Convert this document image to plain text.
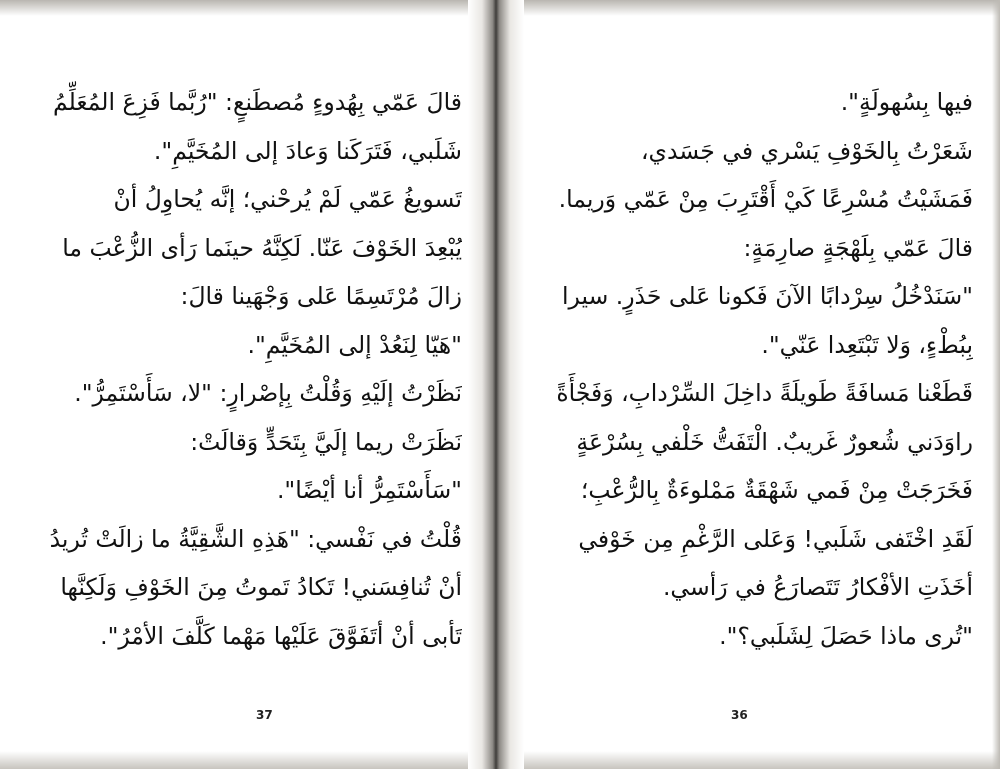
قالَ عَمّي بِهُدوءٍ مُصطَنعٍ: "رُبَّما فَزِعَ المُعَلِّمُ
شَلَبي، فَتَرَكَنا وَعادَ إلى المُخَيَّمِ".
تَسويغُ عَمّي لَمْ يُرحْني؛ إنَّه يُحاوِلُ أنْ
يُبْعِدَ الخَوْفَ عَنّا. لَكِنَّهُ حينَما رَأى الزُّعْبَ ما
زالَ مُرْتَسِمًا عَلى وَجْهَينا قالَ:
"هَيّا لِنَعُدْ إلى المُخَيَّمِ".
نَظَرْتُ إلَيْهِ وَقُلْتُ بِإصْرارٍ: "لا، سَأَسْتَمِرُّ".
نَظَرَتْ ريما إلَيَّ بِتَحَدٍّ وَقالَتْ:
"سَأَسْتَمِرُّ أنا أيْضًا".
قُلْتُ في نَفْسي: "هَذِهِ الشَّقِيَّةُ ما زالَتْ تُريدُ
أنْ تُنافِسَني! تَكادُ تَموتُ مِنَ الخَوْفِ وَلَكِنَّها
تَأبى أنْ أتَفَوَّقَ عَلَيْها مَهْما كَلَّفَ الأمْرُ".
37
فيها بِسُهولَةٍ".
شَعَرْتُ بِالخَوْفِ يَسْري في جَسَدي،
فَمَشَيْتُ مُسْرِعًا كَيْ أَقْتَرِبَ مِنْ عَمّي وَريما.
قالَ عَمّي بِلَهْجَةٍ صارِمَةٍ:
"سَنَدْخُلُ سِرْدابًا الآنَ فَكونا عَلى حَذَرٍ. سيرا
بِبُطْءٍ، وَلا تَبْتَعِدا عَنّي".
قَطَعْنا مَسافَةً طَويلَةً داخِلَ السِّرْدابِ، وَفَجْأَةً
راوَدَني شُعورٌ غَريبٌ. الْتَفَتُّ خَلْفي بِسُرْعَةٍ
فَخَرَجَتْ مِنْ فَمي شَهْقَةٌ مَمْلوءَةٌ بِالرُّعْبِ؛
لَقَدِ اخْتَفى شَلَبي! وَعَلى الرَّغْمِ مِن خَوْفي
أخَذَتِ الأفْكارُ تَتَصارَعُ في رَأسي.
"تُرى ماذا حَصَلَ لِشَلَبي؟".
36
